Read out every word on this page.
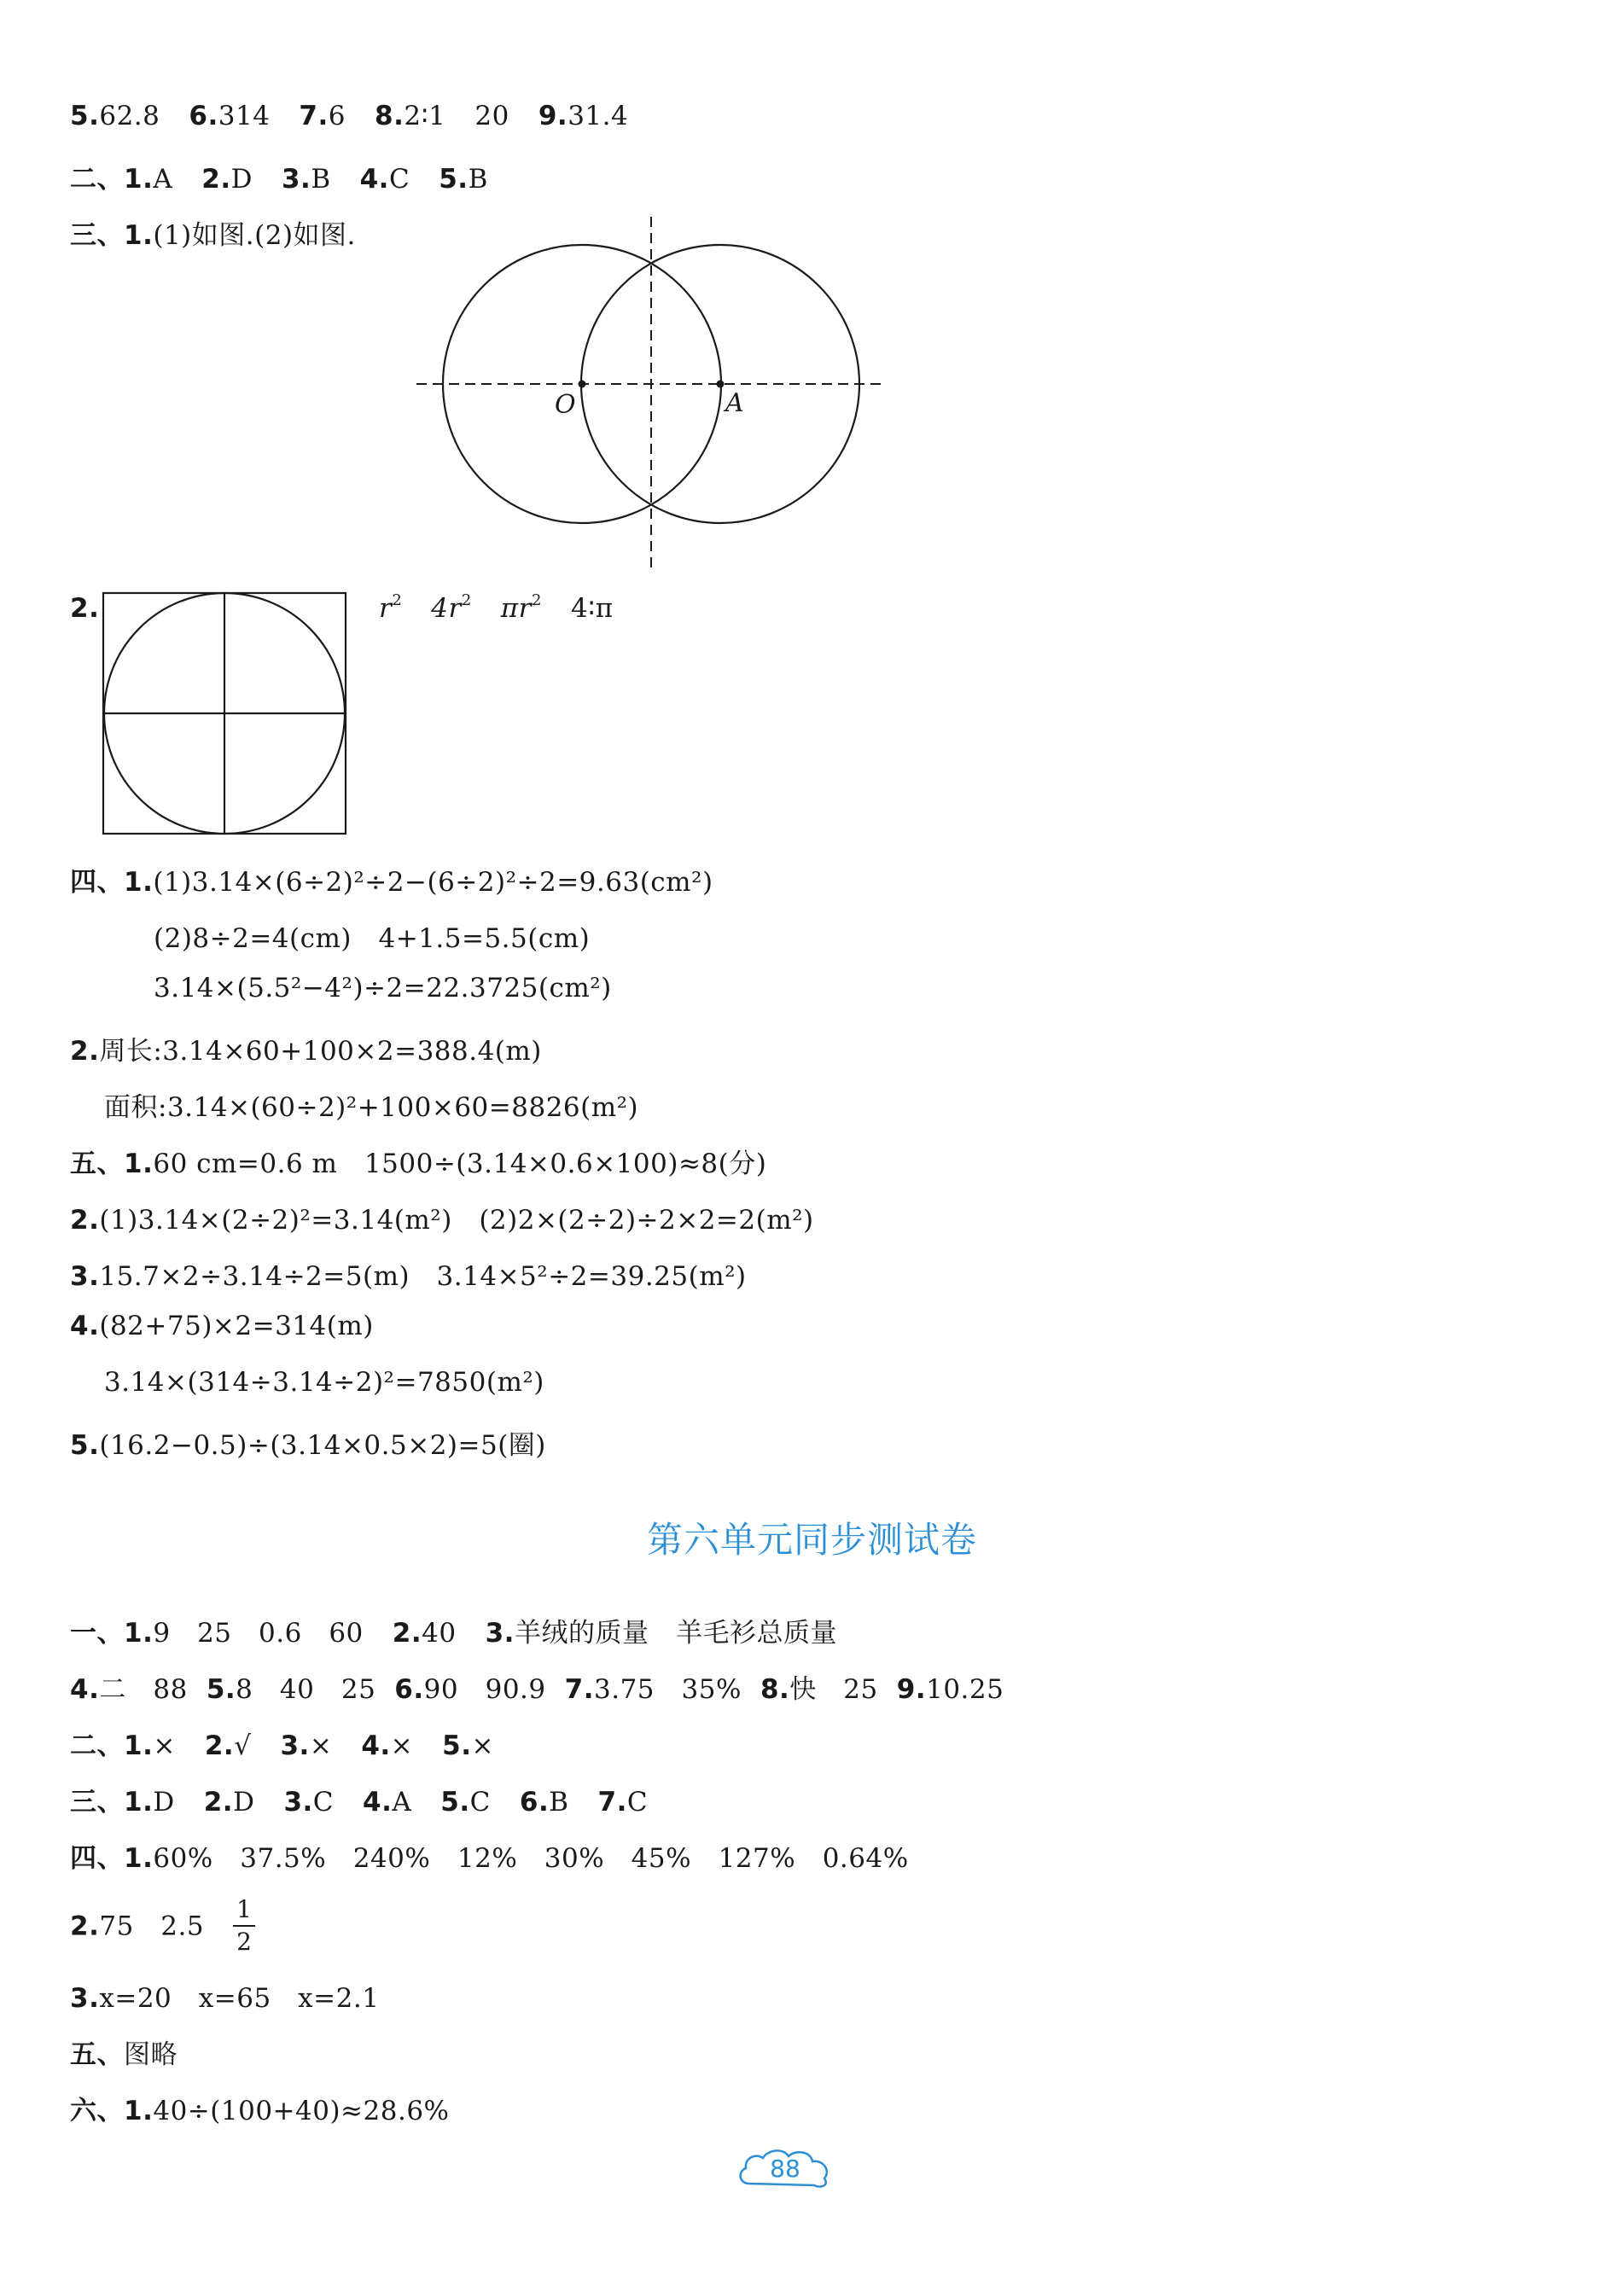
5.62.8 6.314 7.6 8.2∶1 20 9.31.4
二、1.A 2.D 3.B 4.C 5.B
三、1.(1)如图.(2)如图.
O	A
2.	$r^2$ $4r^2$ $\pi r^2$ 4∶π
四、1.(1)3.14×(6÷2)²÷2−(6÷2)²÷2=9.63(cm²)
(2)8÷2=4(cm)　4+1.5=5.5(cm)
3.14×(5.5²−4²)÷2=22.3725(cm²)
2.周长:3.14×60+100×2=388.4(m)
面积:3.14×(60÷2)²+100×60=8826(m²)
五、1.60 cm=0.6 m　1500÷(3.14×0.6×100)≈8(分)
2.(1)3.14×(2÷2)²=3.14(m²)　(2)2×(2÷2)÷2×2=2(m²)
3.15.7×2÷3.14÷2=5(m)　3.14×5²÷2=39.25(m²)
4.(82+75)×2=314(m)
3.14×(314÷3.14÷2)²=7850(m²)
5.(16.2−0.5)÷(3.14×0.5×2)=5(圈)
第六单元同步测试卷
一、1.9　25　0.6　60 2.40 3.羊绒的质量　羊毛衫总质量
4.二　88 5.8　40　25 6.90　90.9 7.3.75　35% 8.快　25 9.10.25
二、1.× 2.√ 3.× 4.× 5.×
三、1.D 2.D 3.C 4.A 5.C 6.B 7.C
四、1.60%　37.5%　240%　12%　30%　45%　127%　0.64%
2.75　$2.5 \frac{1}{2}$
3.x=20　x=65　x=2.1
五、图略
六、1.40÷(100+40)≈28.6%
88
